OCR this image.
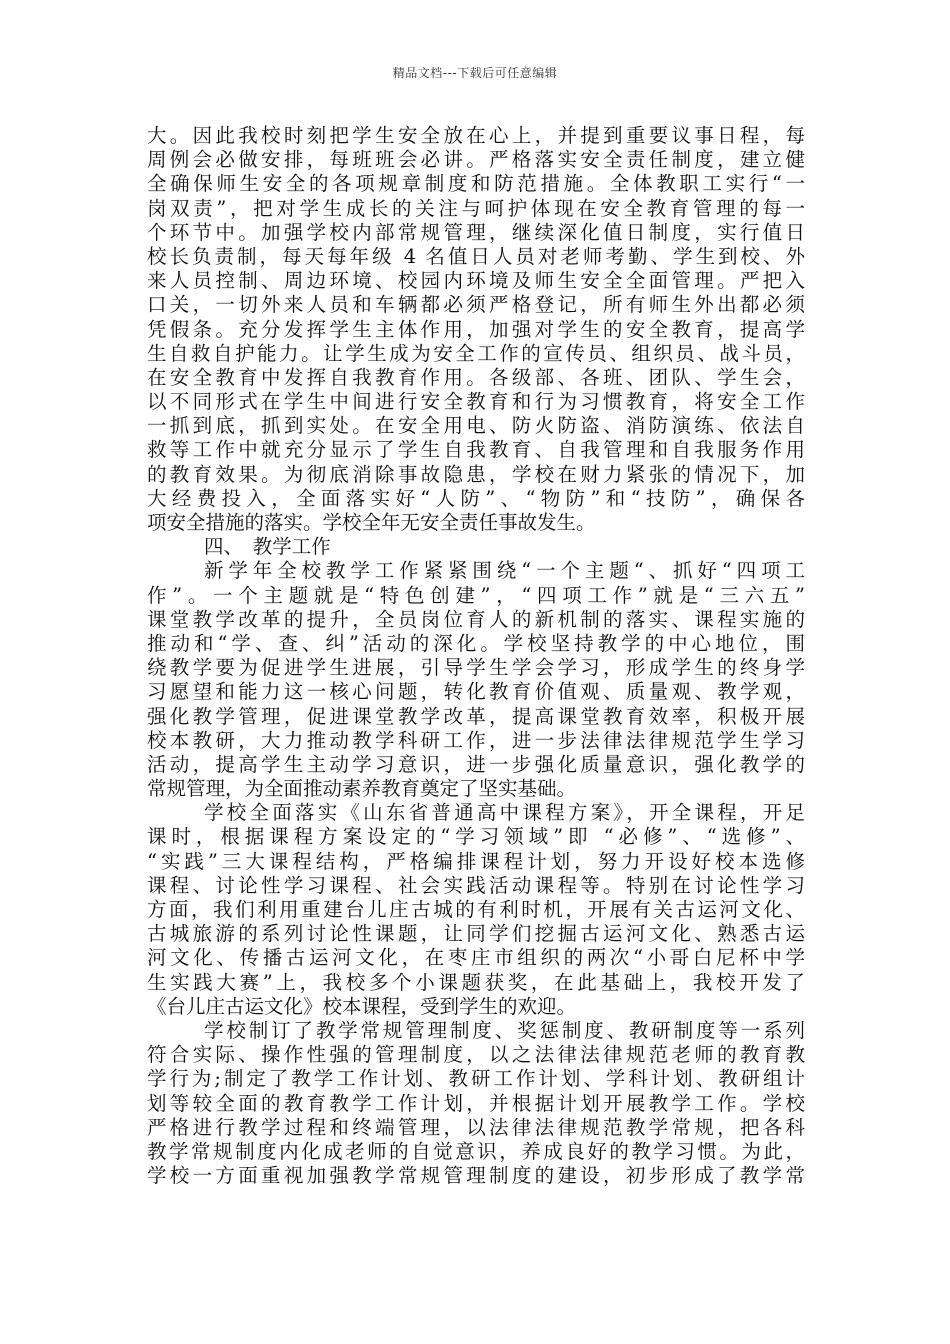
精品文档---下载后可任意编辑
大。因此我校时刻把学生安全放在心上，并提到重要议事日程，每
周例会必做安排，每班班会必讲。严格落实安全责任制度，建立健
全确保师生安全的各项规章制度和防范措施。全体教职工实行“一
岗双责”，把对学生成长的关注与呵护体现在安全教育管理的每一
个环节中。加强学校内部常规管理，继续深化值日制度，实行值日
校长负责制，每天每年级 4 名值日人员对老师考勤、学生到校、外
来人员控制、周边环境、校园内环境及师生安全全面管理。严把入
口关，一切外来人员和车辆都必须严格登记，所有师生外出都必须
凭假条。充分发挥学生主体作用，加强对学生的安全教育，提高学
生自救自护能力。让学生成为安全工作的宣传员、组织员、战斗员，
在安全教育中发挥自我教育作用。各级部、各班、团队、学生会，
以不同形式在学生中间进行安全教育和行为习惯教育，将安全工作
一抓到底，抓到实处。在安全用电、防火防盗、消防演练、依法自
救等工作中就充分显示了学生自我教育、自我管理和自我服务作用
的教育效果。为彻底消除事故隐患，学校在财力紧张的情况下，加
大经费投入，全面落实好“人防”、“物防”和“技防”，确保各
项安全措施的落实。学校全年无安全责任事故发生。
四、　教学工作
新学年全校教学工作紧紧围绕“一个主题“、抓好“四项工
作”。一个主题就是“特色创建”，“四项工作”就是“三六五”
课堂教学改革的提升，全员岗位育人的新机制的落实、课程实施的
推动和“学、查、纠”活动的深化。学校坚持教学的中心地位，围
绕教学要为促进学生进展，引导学生学会学习，形成学生的终身学
习愿望和能力这一核心问题，转化教育价值观、质量观、教学观，
强化教学管理，促进课堂教学改革，提高课堂教育效率，积极开展
校本教研，大力推动教学科研工作，进一步法律法律规范学生学习
活动，提高学生主动学习意识，进一步强化质量意识，强化教学的
常规管理，为全面推动素养教育奠定了坚实基础。
学校全面落实《山东省普通高中课程方案》，开全课程，开足
课时，根据课程方案设定的“学习领域”即 “必修”、“选修”、
“实践”三大课程结构，严格编排课程计划，努力开设好校本选修
课程、讨论性学习课程、社会实践活动课程等。特别在讨论性学习
方面，我们利用重建台儿庄古城的有利时机，开展有关古运河文化、
古城旅游的系列讨论性课题，让同学们挖掘古运河文化、熟悉古运
河文化、传播古运河文化，在枣庄市组织的两次“小哥白尼杯中学
生实践大赛”上，我校多个小课题获奖，在此基础上，我校开发了
《台儿庄古运文化》校本课程，受到学生的欢迎。
学校制订了教学常规管理制度、奖惩制度、教研制度等一系列
符合实际、操作性强的管理制度，以之法律法律规范老师的教育教
学行为;制定了教学工作计划、教研工作计划、学科计划、教研组计
划等较全面的教育教学工作计划，并根据计划开展教学工作。学校
严格进行教学过程和终端管理，以法律法律规范教学常规，把各科
教学常规制度内化成老师的自觉意识，养成良好的教学习惯。为此，
学校一方面重视加强教学常规管理制度的建设，初步形成了教学常
